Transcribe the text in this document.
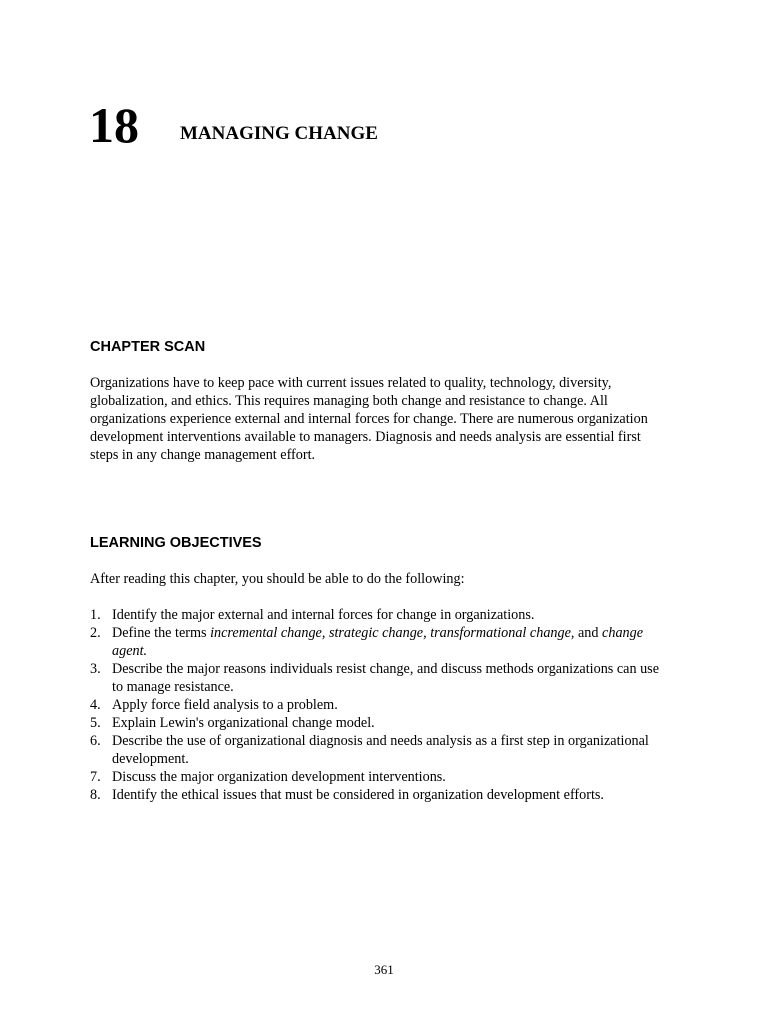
18 MANAGING CHANGE
CHAPTER SCAN

Organizations have to keep pace with current issues related to quality, technology, diversity, globalization, and ethics. This requires managing both change and resistance to change. All organizations experience external and internal forces for change. There are numerous organization development interventions available to managers. Diagnosis and needs analysis are essential first steps in any change management effort.

LEARNING OBJECTIVES

After reading this chapter, you should be able to do the following:

1. Identify the major external and internal forces for change in organizations.
2. Define the terms incremental change, strategic change, transformational change, and change agent.
3. Describe the major reasons individuals resist change, and discuss methods organizations can use to manage resistance.
4. Apply force field analysis to a problem.
5. Explain Lewin's organizational change model.
6. Describe the use of organizational diagnosis and needs analysis as a first step in organizational development.
7. Discuss the major organization development interventions.
8. Identify the ethical issues that must be considered in organization development efforts.
361
